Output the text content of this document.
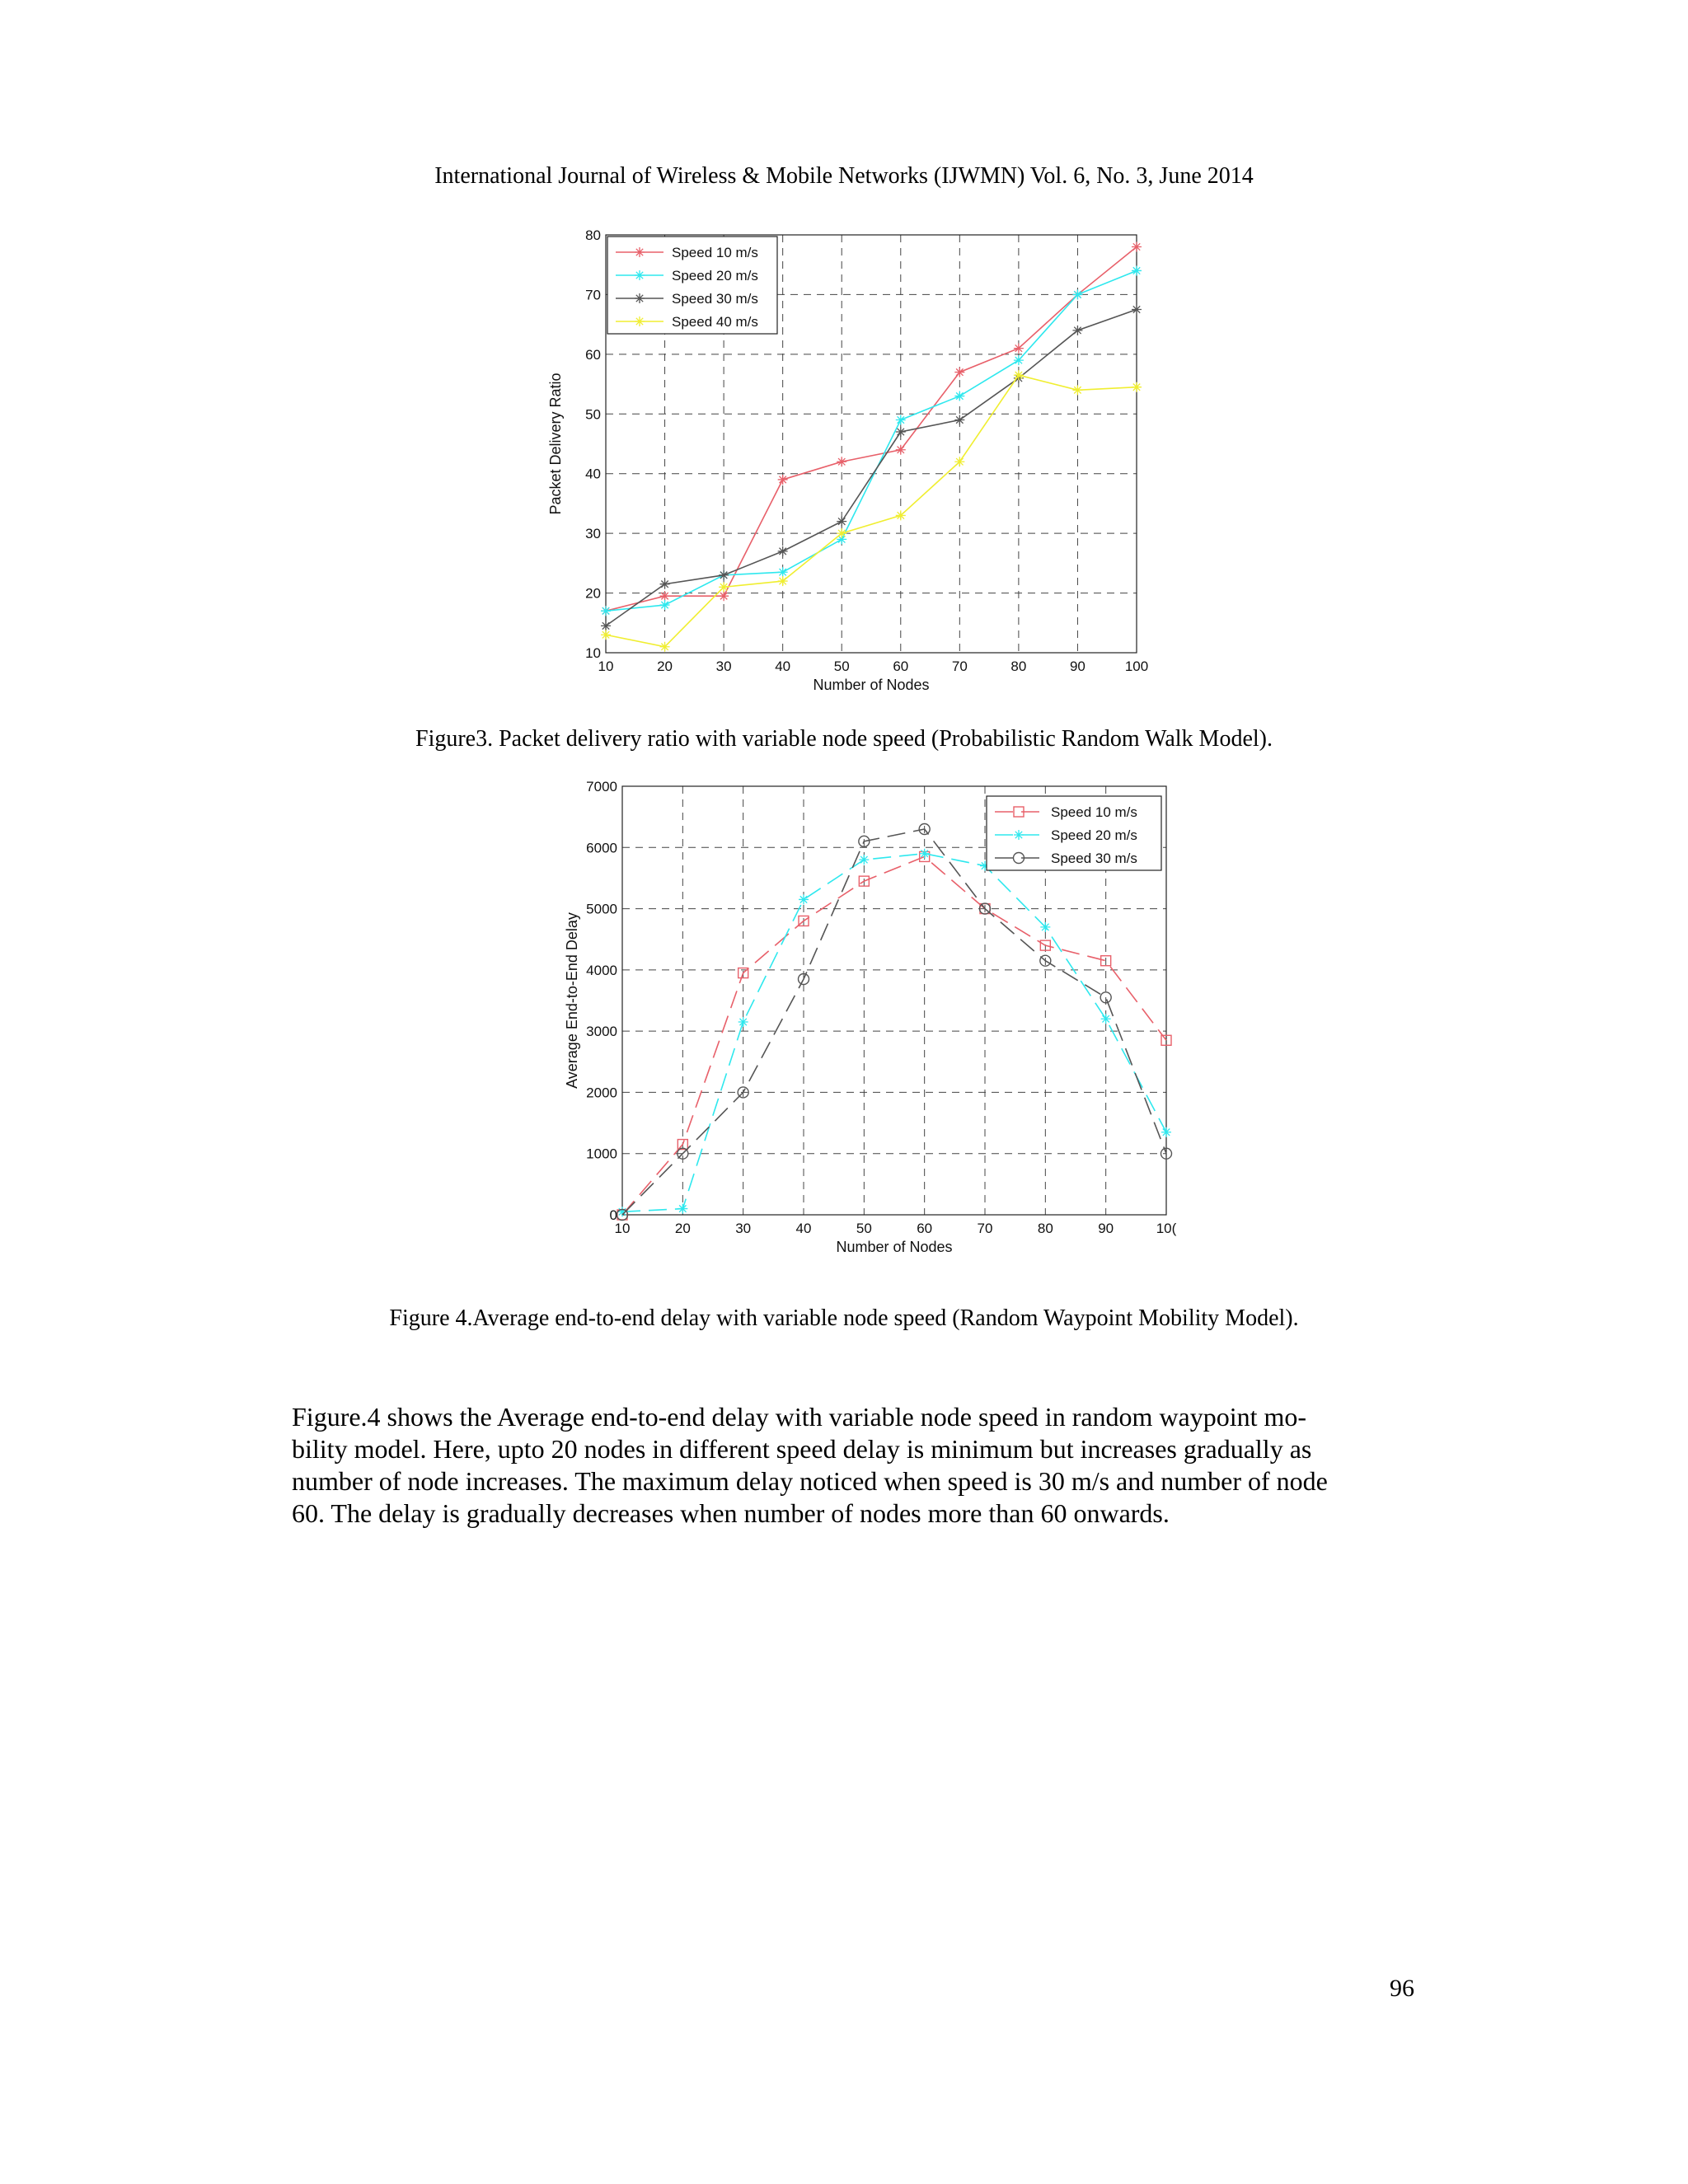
International Journal of Wireless & Mobile Networks (IJWMN) Vol. 6, No. 3, June 2014
10	20	30	40	50	60	70	80	90	100
10
20
30
40
50
60
70
80
Number of Nodes
Packet Delivery Ratio
Speed 10 m/s
Speed 20 m/s
Speed 30 m/s
Speed 40 m/s
Figure3. Packet delivery ratio with variable node speed (Probabilistic Random Walk Model).
10	20	30	40	50	60	70	80	90	10(
0
1000
2000
3000
4000
5000
6000
7000
Number of Nodes
Average End-to-End Delay
Speed 10 m/s
Speed 20 m/s
Speed 30 m/s
Figure 4.Average end-to-end delay with variable node speed (Random Waypoint Mobility Model).
Figure.4 shows the Average end-to-end delay with variable node speed in random waypoint mo-
bility model. Here, upto 20 nodes in different speed delay is minimum but increases gradually as
number of node increases. The maximum delay noticed when speed is 30 m/s and number of node
60. The delay is gradually decreases when number of nodes more than 60 onwards.
96
